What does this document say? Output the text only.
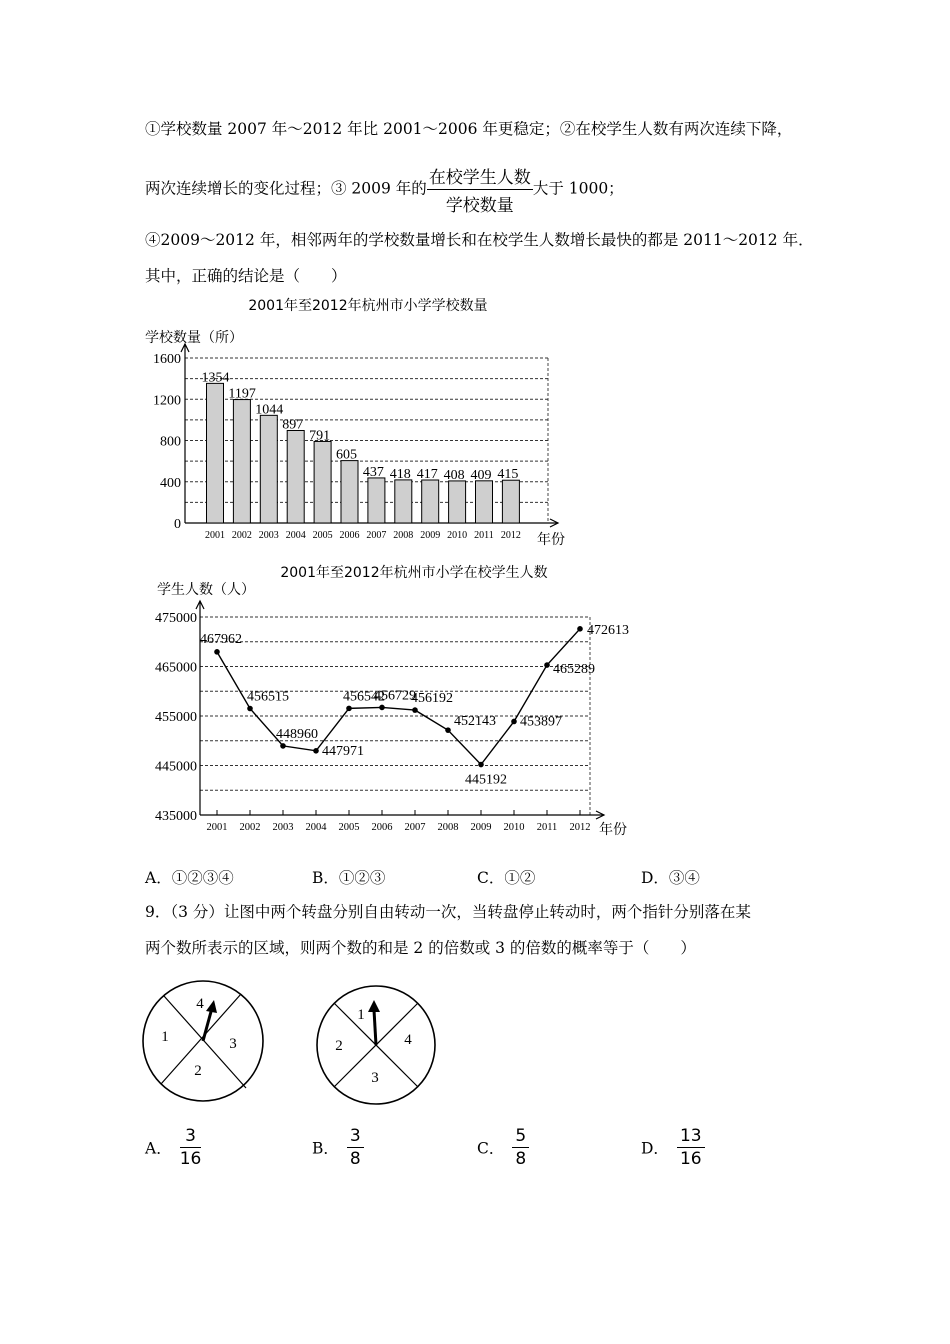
①学校数量 2007 年～2012 年比 2001～2006 年更稳定；②在校学生人数有两次连续下降，
两次连续增长的变化过程；③ 2009 年的 $\frac{\text{在校学生人数}}{\text{学校数量}}$ 大于 1000；
④2009～2012 年，相邻两年的学校数量增长和在校学生人数增长最快的都是 2011～2012 年．
其中，正确的结论是（　　）
2001年至2012年杭州市小学学校数量
学校数量（所）
年份
0
400
800
1200
1600
1354
2001
1197
2002
1044
2003
897
2004
791
2005
605
2006
437
2007
418
2008
417
2009
408
2010
409
2011
415
2012
2001年至2012年杭州市小学在校学生人数
学生人数（人）
年份
435000
445000
455000
465000
475000
2001 2002 2003 2004 2005 2006 2007 2008 2009 2010 2011 2012
467962
456515
448960
447971
456542
456729
456192
452143
445192
453897
465289
472613
A．①②③④	B．①②③	C．①②	D．③④
9．（3 分）让图中两个转盘分别自由转动一次，当转盘停止转动时，两个指针分别落在某
两个数所表示的区域，则两个数的和是 2 的倍数或 3 的倍数的概率等于（　　）
4
1	3
2
1
2	4
3
A． $\frac{3}{16}$	B． $\frac{3}{8}$	C． $\frac{5}{8}$	D． $\frac{13}{16}$
